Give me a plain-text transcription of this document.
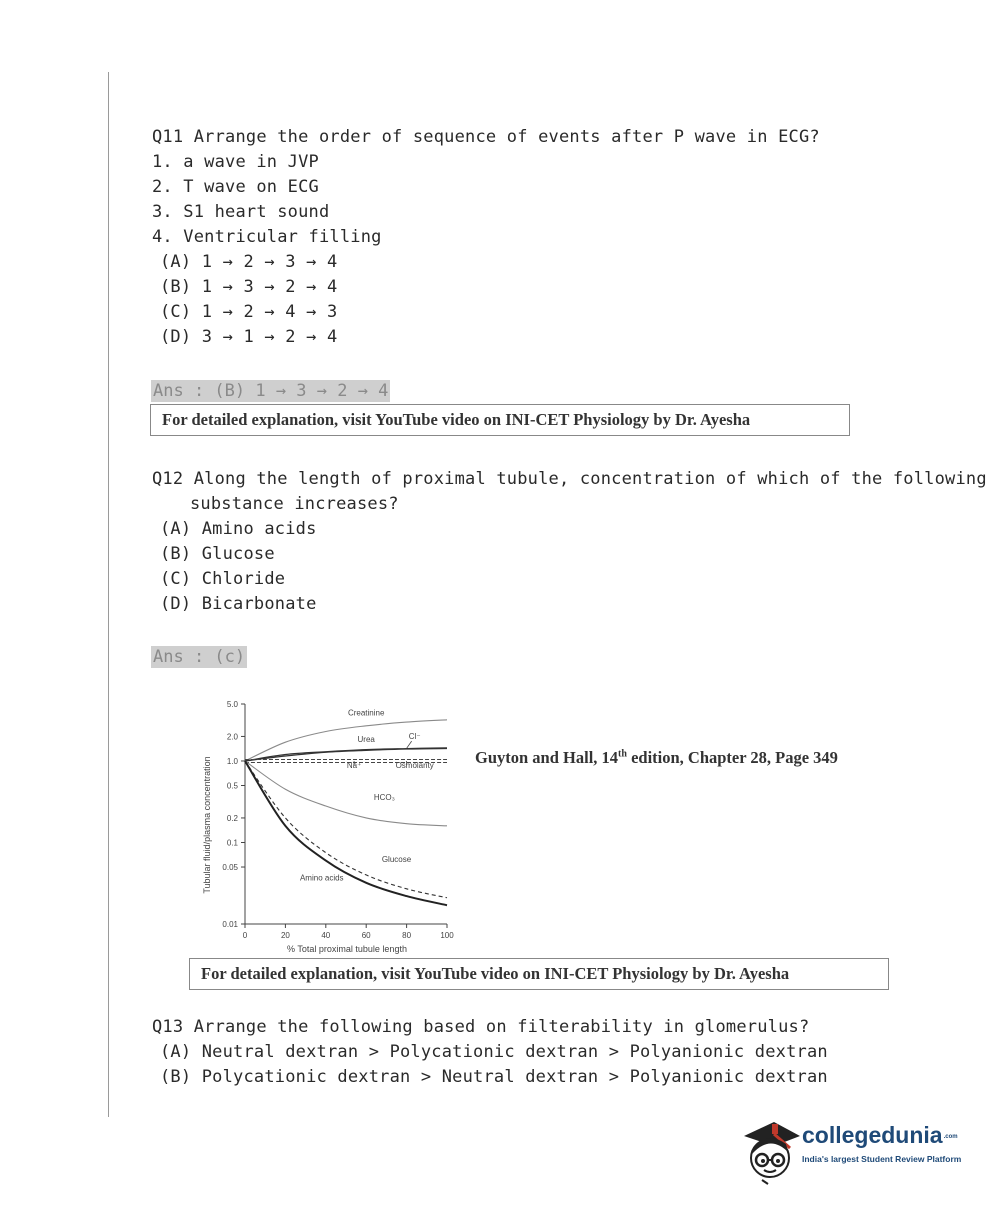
Q11 Arrange the order of sequence of events after P wave in ECG?
1. a wave in JVP
2. T wave on ECG
3. S1 heart sound
4. Ventricular filling
(A) 1 → 2 → 3 → 4
(B) 1 → 3 → 2 → 4
(C) 1 → 2 → 4 → 3
(D) 3 → 1 → 2 → 4
Ans : (B) 1 → 3 → 2 → 4
For detailed explanation, visit YouTube video on INI-CET Physiology by Dr. Ayesha
Q12 Along the length of proximal tubule, concentration of which of the following
substance increases?
(A) Amino acids
(B) Glucose
(C) Chloride
(D) Bicarbonate
Ans : (c)
Tubular fluid/plasma concentration
% Total proximal tubule length
5.0
2.0
1.0
0.5
0.2
0.1
0.05
0.01
0	20	40	60	80	100
Creatinine
Urea	Cl⁻
Na⁺	Osmolarity
HCO₃
Glucose
Amino acids
Guyton and Hall, 14th edition, Chapter 28, Page 349
For detailed explanation, visit YouTube video on INI-CET Physiology by Dr. Ayesha
Q13 Arrange the following based on filterability in glomerulus?
(A) Neutral dextran > Polycationic dextran > Polyanionic dextran
(B) Polycationic dextran > Neutral dextran > Polyanionic dextran
collegedunia.com
India's largest Student Review Platform
